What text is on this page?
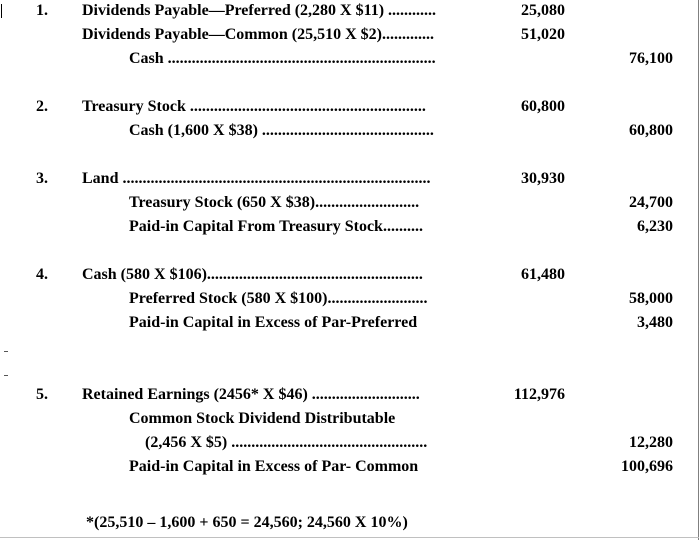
1. Dividends Payable—Preferred (2,280 X $11) ............	25,080
Dividends Payable—Common (25,510 X $2).............	51,020
Cash ...................................................................	76,100
2. Treasury Stock ...........................................................	60,800
Cash (1,600 X $38) ...........................................	60,800
3. Land .............................................................................	30,930
Treasury Stock (650 X $38)..........................	24,700
Paid-in Capital From Treasury Stock..........	6,230
4. Cash (580 X $106)......................................................	61,480
Preferred Stock (580 X $100).........................	58,000
Paid-in Capital in Excess of Par-Preferred	3,480
5. Retained Earnings (2456* X $46) ...........................	112,976
Common Stock Dividend Distributable
(2,456 X $5) .................................................	12,280
Paid-in Capital in Excess of Par- Common	100,696
*(25,510 – 1,600 + 650 = 24,560; 24,560 X 10%)
